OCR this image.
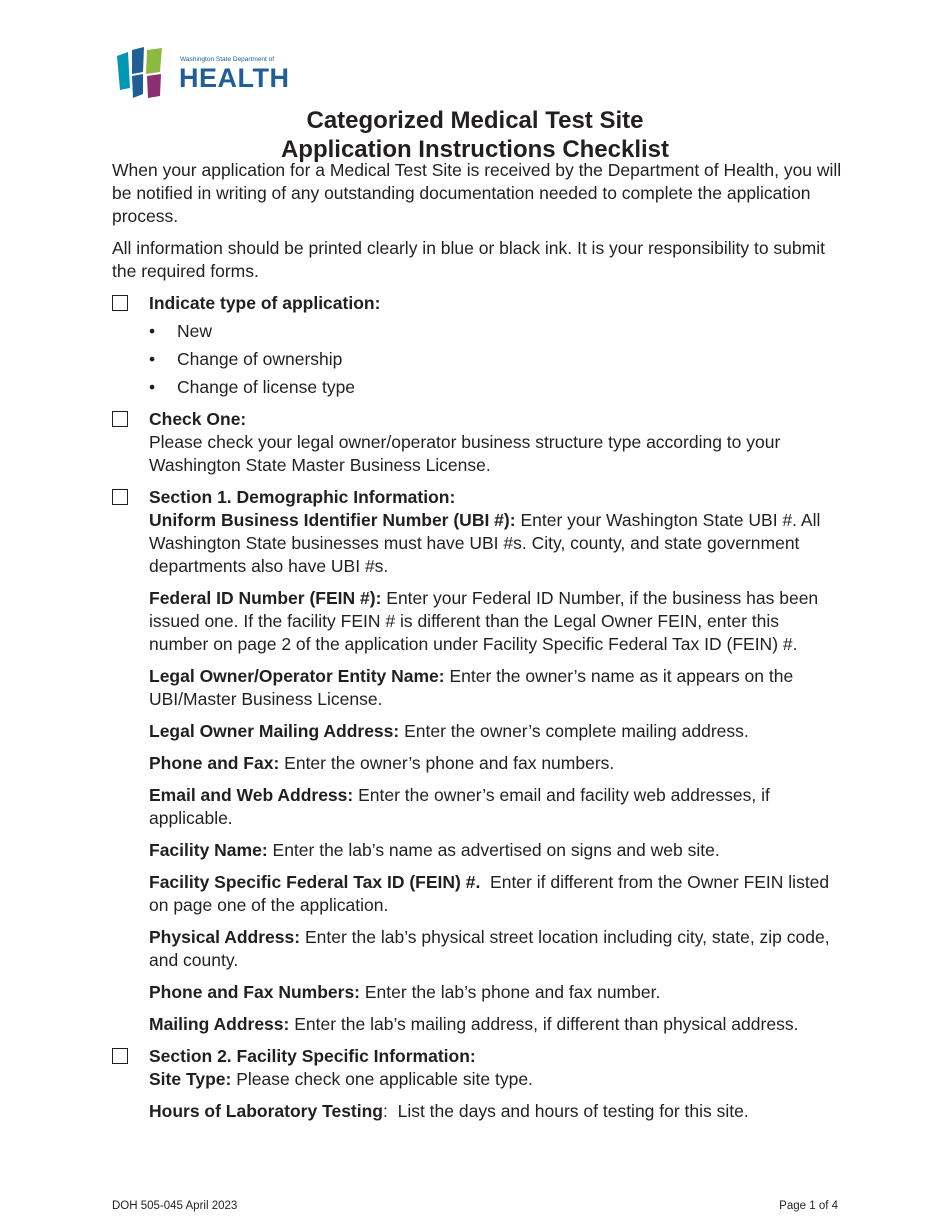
Washington State Department of
HEALTH
Categorized Medical Test Site
Application Instructions Checklist

When your application for a Medical Test Site is received by the Department of Health, you will be notified in writing of any outstanding documentation needed to complete the application process.

All information should be printed clearly in blue or black ink. It is your responsibility to submit the required forms.

Indicate type of application:
• New
• Change of ownership
• Change of license type
Check One:
Please check your legal owner/operator business structure type according to your Washington State Master Business License.
Section 1. Demographic Information:

Uniform Business Identifier Number (UBI #): Enter your Washington State UBI #. All Washington State businesses must have UBI #s. City, county, and state government departments also have UBI #s.
Federal ID Number (FEIN #): Enter your Federal ID Number, if the business has been issued one. If the facility FEIN # is different than the Legal Owner FEIN, enter this number on page 2 of the application under Facility Specific Federal Tax ID (FEIN) #.
Legal Owner/Operator Entity Name: Enter the owner’s name as it appears on the UBI/Master Business License.
Legal Owner Mailing Address: Enter the owner’s complete mailing address.
Phone and Fax: Enter the owner’s phone and fax numbers.
Email and Web Address: Enter the owner’s email and facility web addresses, if applicable.
Facility Name: Enter the lab’s name as advertised on signs and web site.
Facility Specific Federal Tax ID (FEIN) #.  Enter if different from the Owner FEIN listed on page one of the application.
Physical Address: Enter the lab’s physical street location including city, state, zip code, and county.
Phone and Fax Numbers: Enter the lab’s phone and fax number.
Mailing Address: Enter the lab’s mailing address, if different than physical address.
Section 2. Facility Specific Information:

Site Type: Please check one applicable site type.
Hours of Laboratory Testing:  List the days and hours of testing for this site.
DOH 505-045 April 2023	Page 1 of 4
